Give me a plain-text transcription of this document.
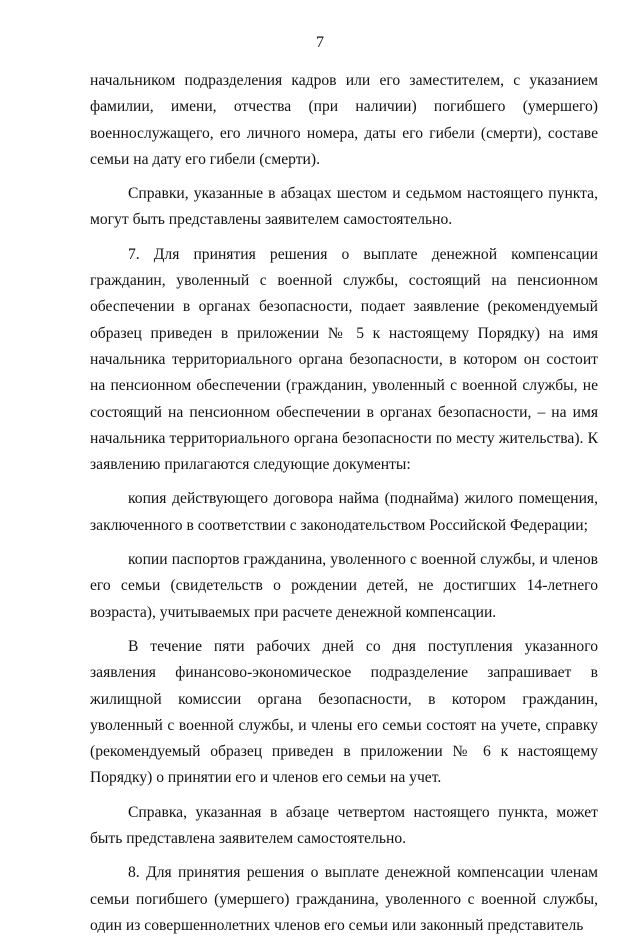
7

начальником подразделения кадров или его заместителем, с указанием фамилии, имени, отчества (при наличии) погибшего (умершего) военнослужащего, его личного номера, даты его гибели (смерти), составе семьи на дату его гибели (смерти).

Справки, указанные в абзацах шестом и седьмом настоящего пункта, могут быть представлены заявителем самостоятельно.

7. Для принятия решения о выплате денежной компенсации гражданин, уволенный с военной службы, состоящий на пенсионном обеспечении в органах безопасности, подает заявление (рекомендуемый образец приведен в приложении № 5 к настоящему Порядку) на имя начальника территориального органа безопасности, в котором он состоит на пенсионном обеспечении (гражданин, уволенный с военной службы, не состоящий на пенсионном обеспечении в органах безопасности, – на имя начальника территориального органа безопасности по месту жительства). К заявлению прилагаются следующие документы:

копия действующего договора найма (поднайма) жилого помещения, заключенного в соответствии с законодательством Российской Федерации;

копии паспортов гражданина, уволенного с военной службы, и членов его семьи (свидетельств о рождении детей, не достигших 14-летнего возраста), учитываемых при расчете денежной компенсации.

В течение пяти рабочих дней со дня поступления указанного заявления финансово-экономическое подразделение запрашивает в жилищной комиссии органа безопасности, в котором гражданин, уволенный с военной службы, и члены его семьи состоят на учете, справку (рекомендуемый образец приведен в приложении № 6 к настоящему Порядку) о принятии его и членов его семьи на учет.

Справка, указанная в абзаце четвертом настоящего пункта, может быть представлена заявителем самостоятельно.

8. Для принятия решения о выплате денежной компенсации членам семьи погибшего (умершего) гражданина, уволенного с военной службы, один из совершеннолетних членов его семьи или законный представитель
